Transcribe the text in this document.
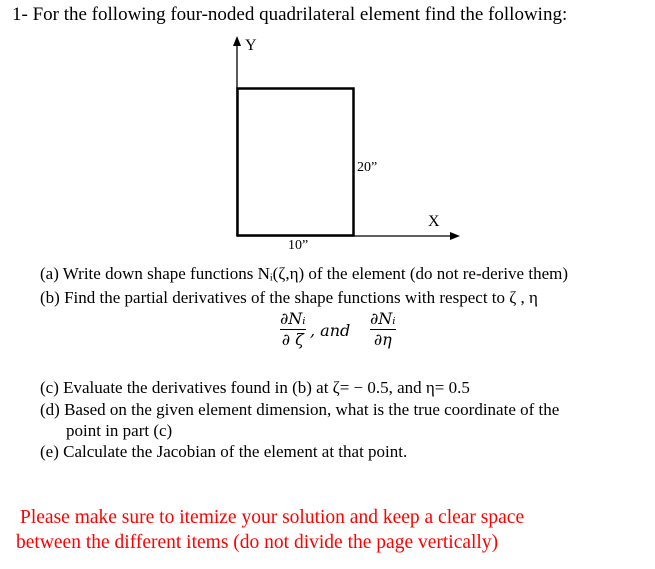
1- For the following four-noded quadrilateral element find the following:
Y
X
20”
10”
(a) Write down shape functions Nᵢ(ζ,η) of the element (do not re-derive them)
(b) Find the partial derivatives of the shape functions with respect to ζ , η
∂Nᵢ
∂ ζ , and
∂Nᵢ
∂η
(c) Evaluate the derivatives found in (b) at ζ= − 0.5, and η= 0.5
(d) Based on the given element dimension, what is the true coordinate of the
point in part (c)
(e) Calculate the Jacobian of the element at that point.
Please make sure to itemize your solution and keep a clear space
between the different items (do not divide the page vertically)
